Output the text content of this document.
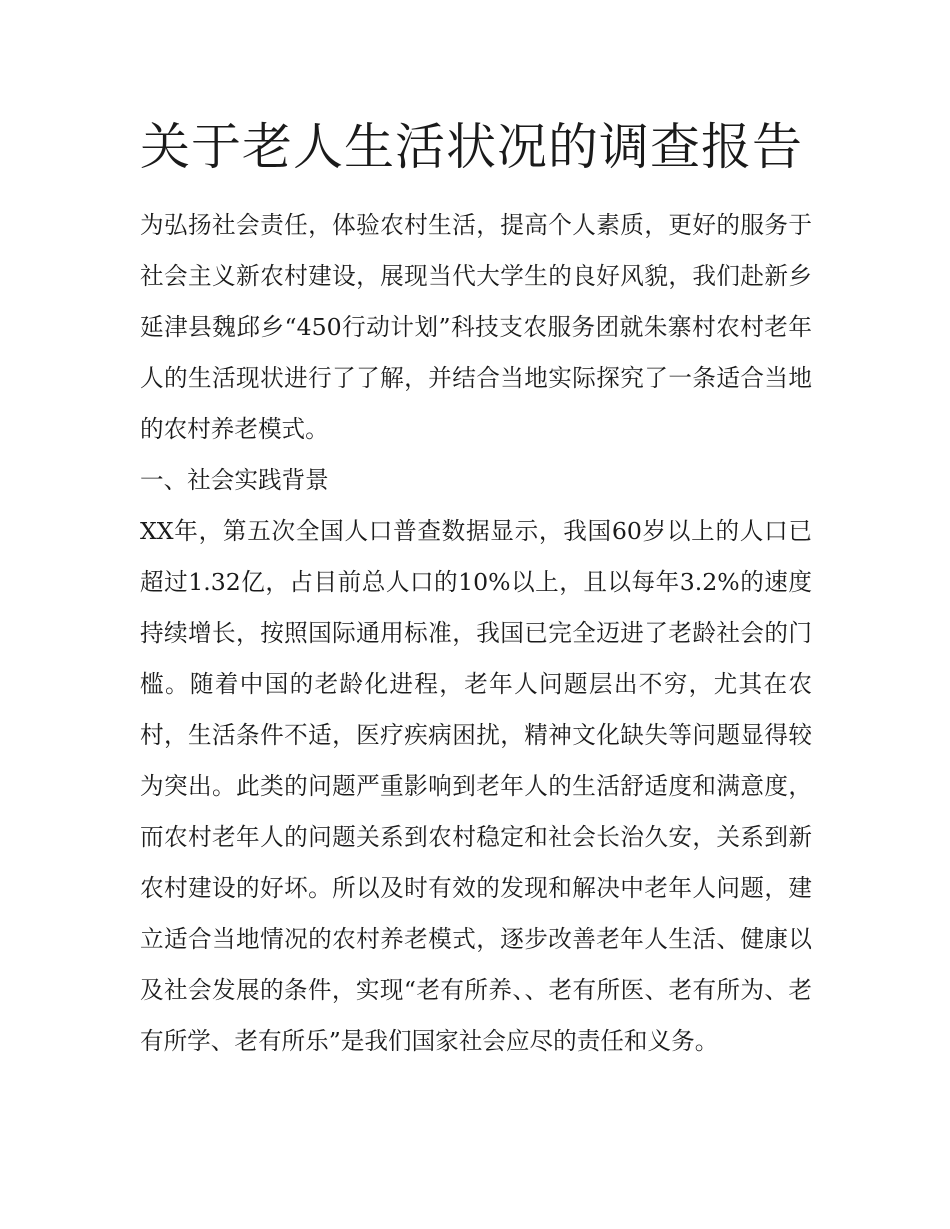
关于老人生活状况的调查报告

为弘扬社会责任，体验农村生活，提高个人素质，更好的服务于社会主义新农村建设，展现当代大学生的良好风貌，我们赴新乡延津县魏邱乡“450行动计划”科技支农服务团就朱寨村农村老年人的生活现状进行了了解，并结合当地实际探究了一条适合当地的农村养老模式。

一、社会实践背景

XX年，第五次全国人口普查数据显示，我国60岁以上的人口已超过1.32亿，占目前总人口的10%以上，且以每年3.2%的速度持续增长，按照国际通用标准，我国已完全迈进了老龄社会的门槛。随着中国的老龄化进程，老年人问题层出不穷，尤其在农村，生活条件不适，医疗疾病困扰，精神文化缺失等问题显得较为突出。此类的问题严重影响到老年人的生活舒适度和满意度，而农村老年人的问题关系到农村稳定和社会长治久安，关系到新农村建设的好坏。所以及时有效的发现和解决中老年人问题，建立适合当地情况的农村养老模式，逐步改善老年人生活、健康以及社会发展的条件，实现“老有所养、、老有所医、老有所为、老有所学、老有所乐”是我们国家社会应尽的责任和义务。
